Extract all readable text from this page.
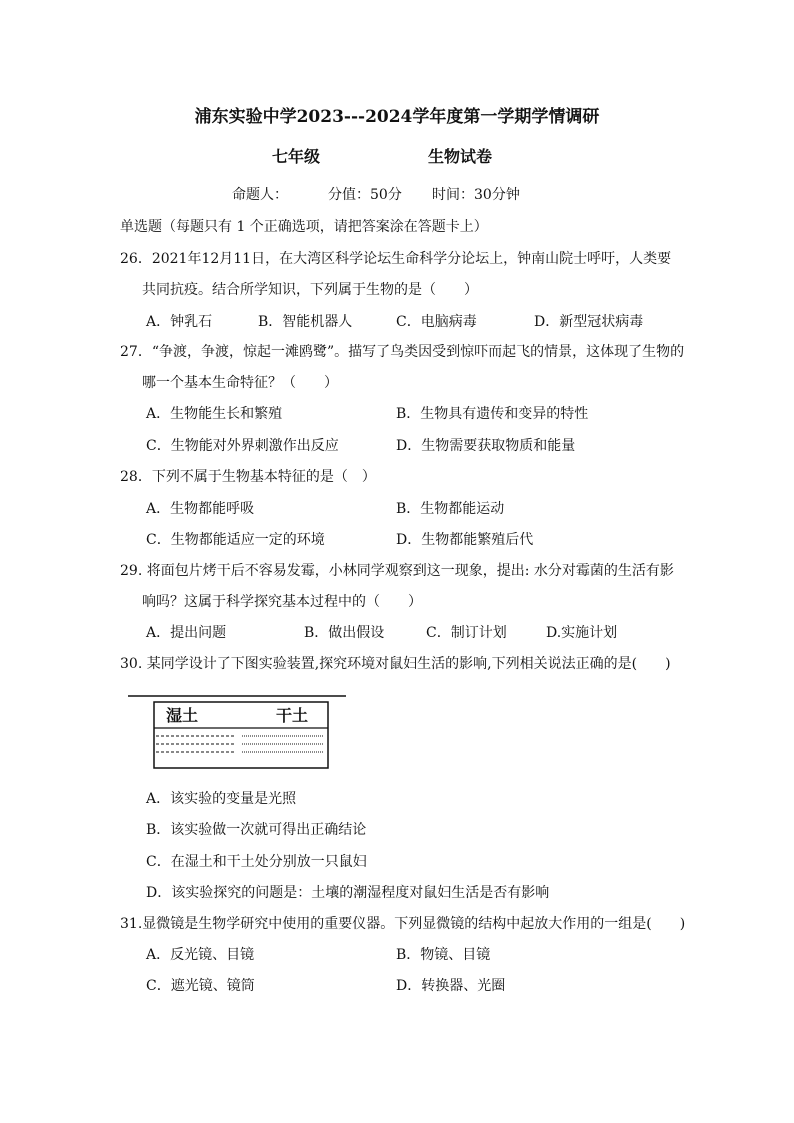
浦东实验中学2023---2024学年度第一学期学情调研
七年级	生物试卷
命题人：	分值：50分 时间：30分钟
单选题（每题只有 1 个正确选项，请把答案涂在答题卡上）
26．2021年12月11日，在大湾区科学论坛生命科学分论坛上，钟南山院士呼吁，人类要
共同抗疫。结合所学知识，下列属于生物的是（　　）
A．钟乳石	B．智能机器人	C．电脑病毒	D．新型冠状病毒
27．“争渡，争渡，惊起一滩鸥鹭”。描写了鸟类因受到惊吓而起飞的情景，这体现了生物的
哪一个基本生命特征？（　　）
A．生物能生长和繁殖	B．生物具有遗传和变异的特性
C．生物能对外界刺激作出反应	D．生物需要获取物质和能量
28．下列不属于生物基本特征的是（　）
A．生物都能呼吸	B．生物都能运动
C．生物都能适应一定的环境	D．生物都能繁殖后代
29. 将面包片烤干后不容易发霉，小林同学观察到这一现象，提出: 水分对霉菌的生活有影
响吗？这属于科学探究基本过程中的（　　）
A．提出问题	B．做出假设	C．制订计划	D.实施计划
30. 某同学设计了下图实验装置,探究环境对鼠妇生活的影响,下列相关说法正确的是(　　)
湿土	干土
A．该实验的变量是光照
B．该实验做一次就可得出正确结论
C．在湿土和干土处分别放一只鼠妇
D．该实验探究的问题是：土壤的潮湿程度对鼠妇生活是否有影响
31.显微镜是生物学研究中使用的重要仪器。下列显微镜的结构中起放大作用的一组是(　　)
A．反光镜、目镜	B．物镜、目镜
C．遮光镜、镜筒	D．转换器、光圈
